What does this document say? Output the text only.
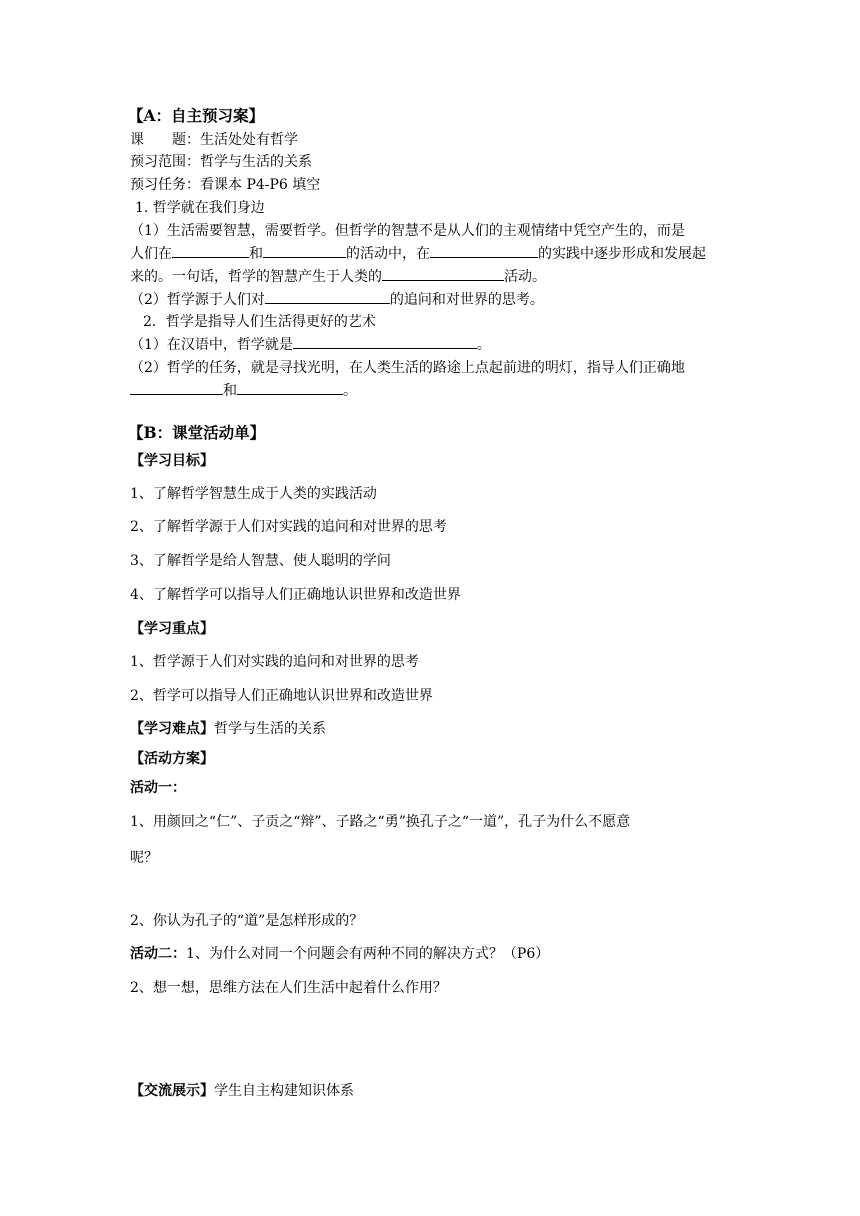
【A：自主预习案】
课　　题：生活处处有哲学
预习范围：哲学与生活的关系
预习任务：看课本 P4-P6 填空
1. 哲学就在我们身边
（1）生活需要智慧，需要哲学。但哲学的智慧不是从人们的主观情绪中凭空产生的，而是
人们在	和	的活动中，在	的实践中逐步形成和发展起
来的。一句话，哲学的智慧产生于人类的	活动。
（2）哲学源于人们对	的追问和对世界的思考。
2．哲学是指导人们生活得更好的艺术
（1）在汉语中，哲学就是	。
（2）哲学的任务，就是寻找光明，在人类生活的路途上点起前进的明灯，指导人们正确地
和	。
【B：课堂活动单】
【学习目标】
1、了解哲学智慧生成于人类的实践活动
2、了解哲学源于人们对实践的追问和对世界的思考
3、了解哲学是给人智慧、使人聪明的学问
4、了解哲学可以指导人们正确地认识世界和改造世界
【学习重点】
1、哲学源于人们对实践的追问和对世界的思考
2、哲学可以指导人们正确地认识世界和改造世界
【学习难点】哲学与生活的关系
【活动方案】
活动一：
1、用颜回之“仁”、子贡之“辩”、子路之“勇”换孔子之“一道”，孔子为什么不愿意
呢？
2、你认为孔子的“道”是怎样形成的？
活动二：1、为什么对同一个问题会有两种不同的解决方式？（P6）
2、想一想，思维方法在人们生活中起着什么作用？
【交流展示】学生自主构建知识体系
